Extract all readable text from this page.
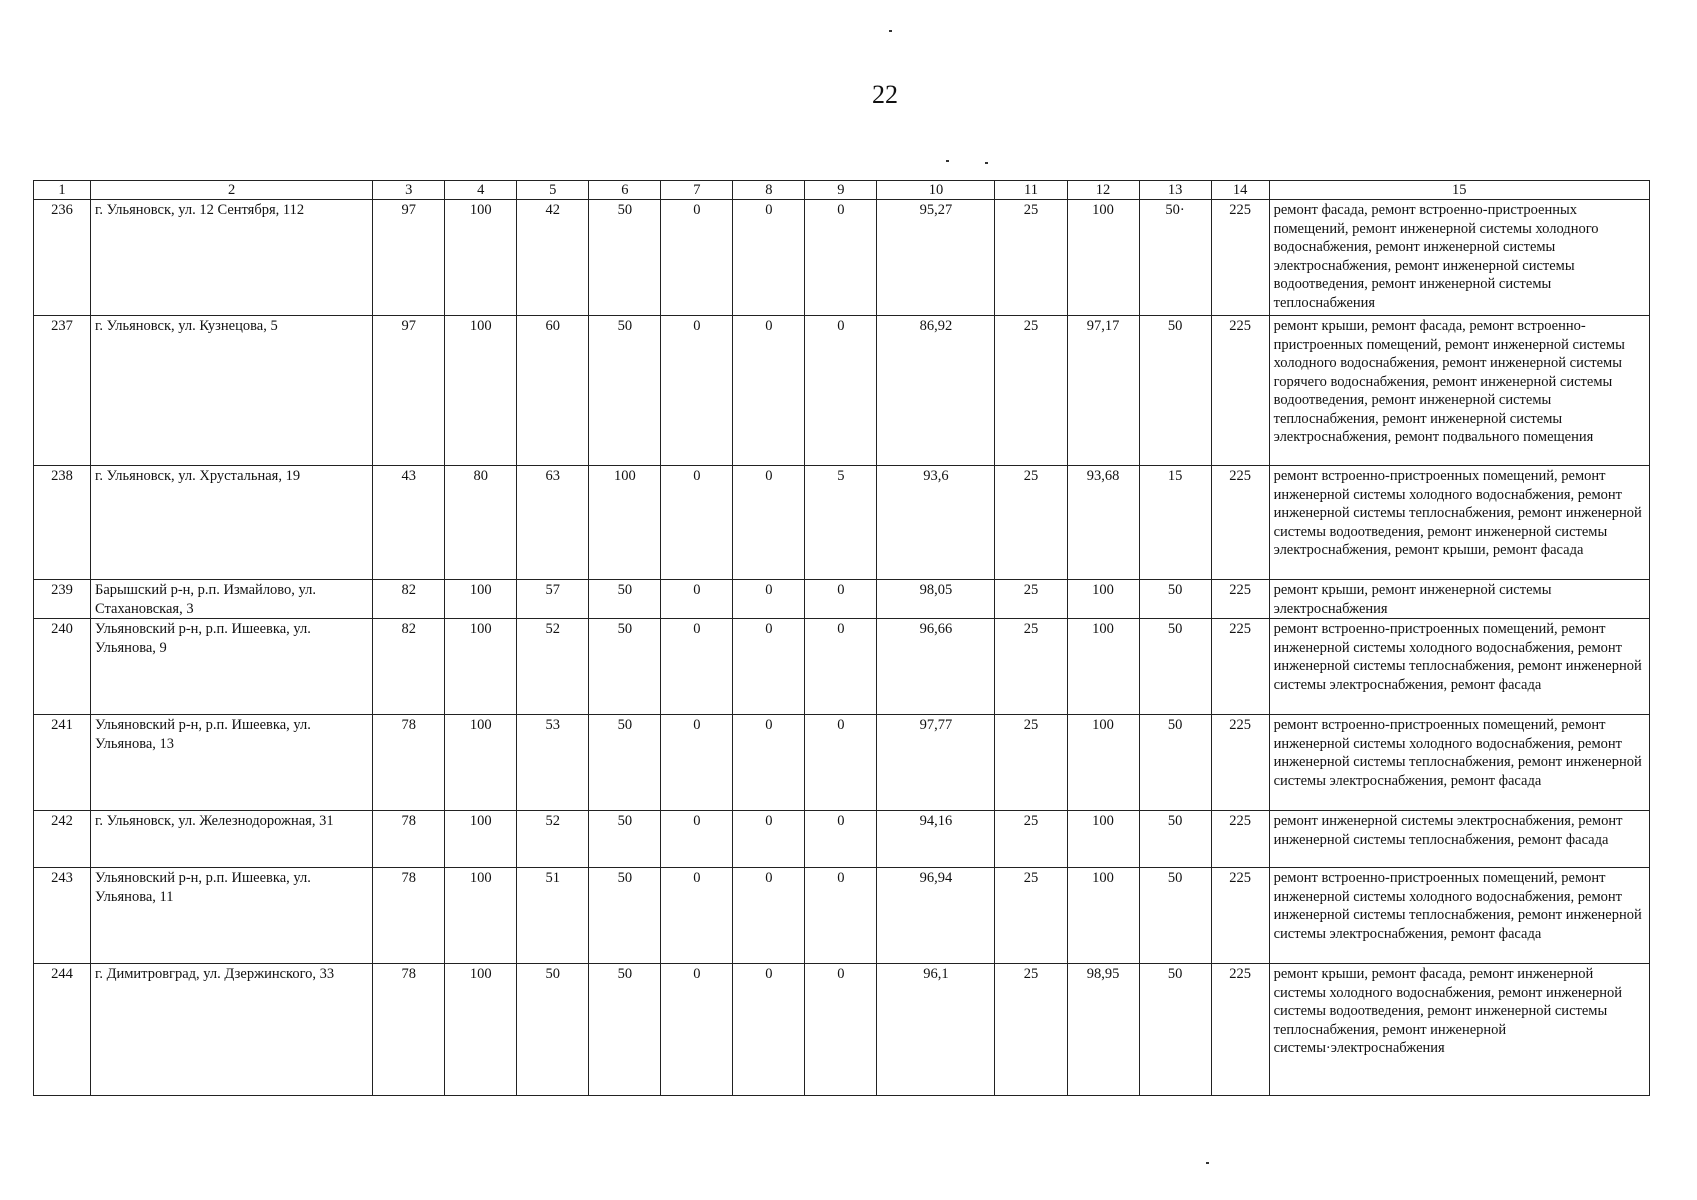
22
1	2	3	4	5	6	7	8	9	10	11	12	13	14	15
236	г. Ульяновск, ул. 12 Сентября, 112	97	100	42	50	0	0	0	95,27	25	100	50·	225	ремонт фасада, ремонт встроенно-пристроенных помещений, ремонт инженерной системы холодного водоснабжения, ремонт инженерной системы электроснабжения, ремонт инженерной системы водоотведения, ремонт инженерной системы теплоснабжения
237	г. Ульяновск, ул. Кузнецова, 5	97	100	60	50	0	0	0	86,92	25	97,17	50	225	ремонт крыши, ремонт фасада, ремонт встроенно-пристроенных помещений, ремонт инженерной системы холодного водоснабжения, ремонт инженерной системы горячего водоснабжения, ремонт инженерной системы водоотведения, ремонт инженерной системы теплоснабжения, ремонт инженерной системы электроснабжения, ремонт подвального помещения
238	г. Ульяновск, ул. Хрустальная, 19	43	80	63	100	0	0	5	93,6	25	93,68	15	225	ремонт встроенно-пристроенных помещений, ремонт инженерной системы холодного водоснабжения, ремонт инженерной системы теплоснабжения, ремонт инженерной системы водоотведения, ремонт инженерной системы электроснабжения, ремонт крыши, ремонт фасада
239	Барышский р-н, р.п. Измайлово, ул. Стахановская, 3	82	100	57	50	0	0	0	98,05	25	100	50	225	ремонт крыши, ремонт инженерной системы электроснабжения
240	Ульяновский р-н, р.п. Ишеевка, ул. Ульянова, 9	82	100	52	50	0	0	0	96,66	25	100	50	225	ремонт встроенно-пристроенных помещений, ремонт инженерной системы холодного водоснабжения, ремонт инженерной системы теплоснабжения, ремонт инженерной системы электроснабжения, ремонт фасада
241	Ульяновский р-н, р.п. Ишеевка, ул. Ульянова, 13	78	100	53	50	0	0	0	97,77	25	100	50	225	ремонт встроенно-пристроенных помещений, ремонт инженерной системы холодного водоснабжения, ремонт инженерной системы теплоснабжения, ремонт инженерной системы электроснабжения, ремонт фасада
242	г. Ульяновск, ул. Железнодорожная, 31	78	100	52	50	0	0	0	94,16	25	100	50	225	ремонт инженерной системы электроснабжения, ремонт инженерной системы теплоснабжения, ремонт фасада
243	Ульяновский р-н, р.п. Ишеевка, ул. Ульянова, 11	78	100	51	50	0	0	0	96,94	25	100	50	225	ремонт встроенно-пристроенных помещений, ремонт инженерной системы холодного водоснабжения, ремонт инженерной системы теплоснабжения, ремонт инженерной системы электроснабжения, ремонт фасада
244	г. Димитровград, ул. Дзержинского, 33	78	100	50	50	0	0	0	96,1	25	98,95	50	225	ремонт крыши, ремонт фасада, ремонт инженерной системы холодного водоснабжения, ремонт инженерной системы водоотведения, ремонт инженерной системы теплоснабжения, ремонт инженерной системы·электроснабжения
